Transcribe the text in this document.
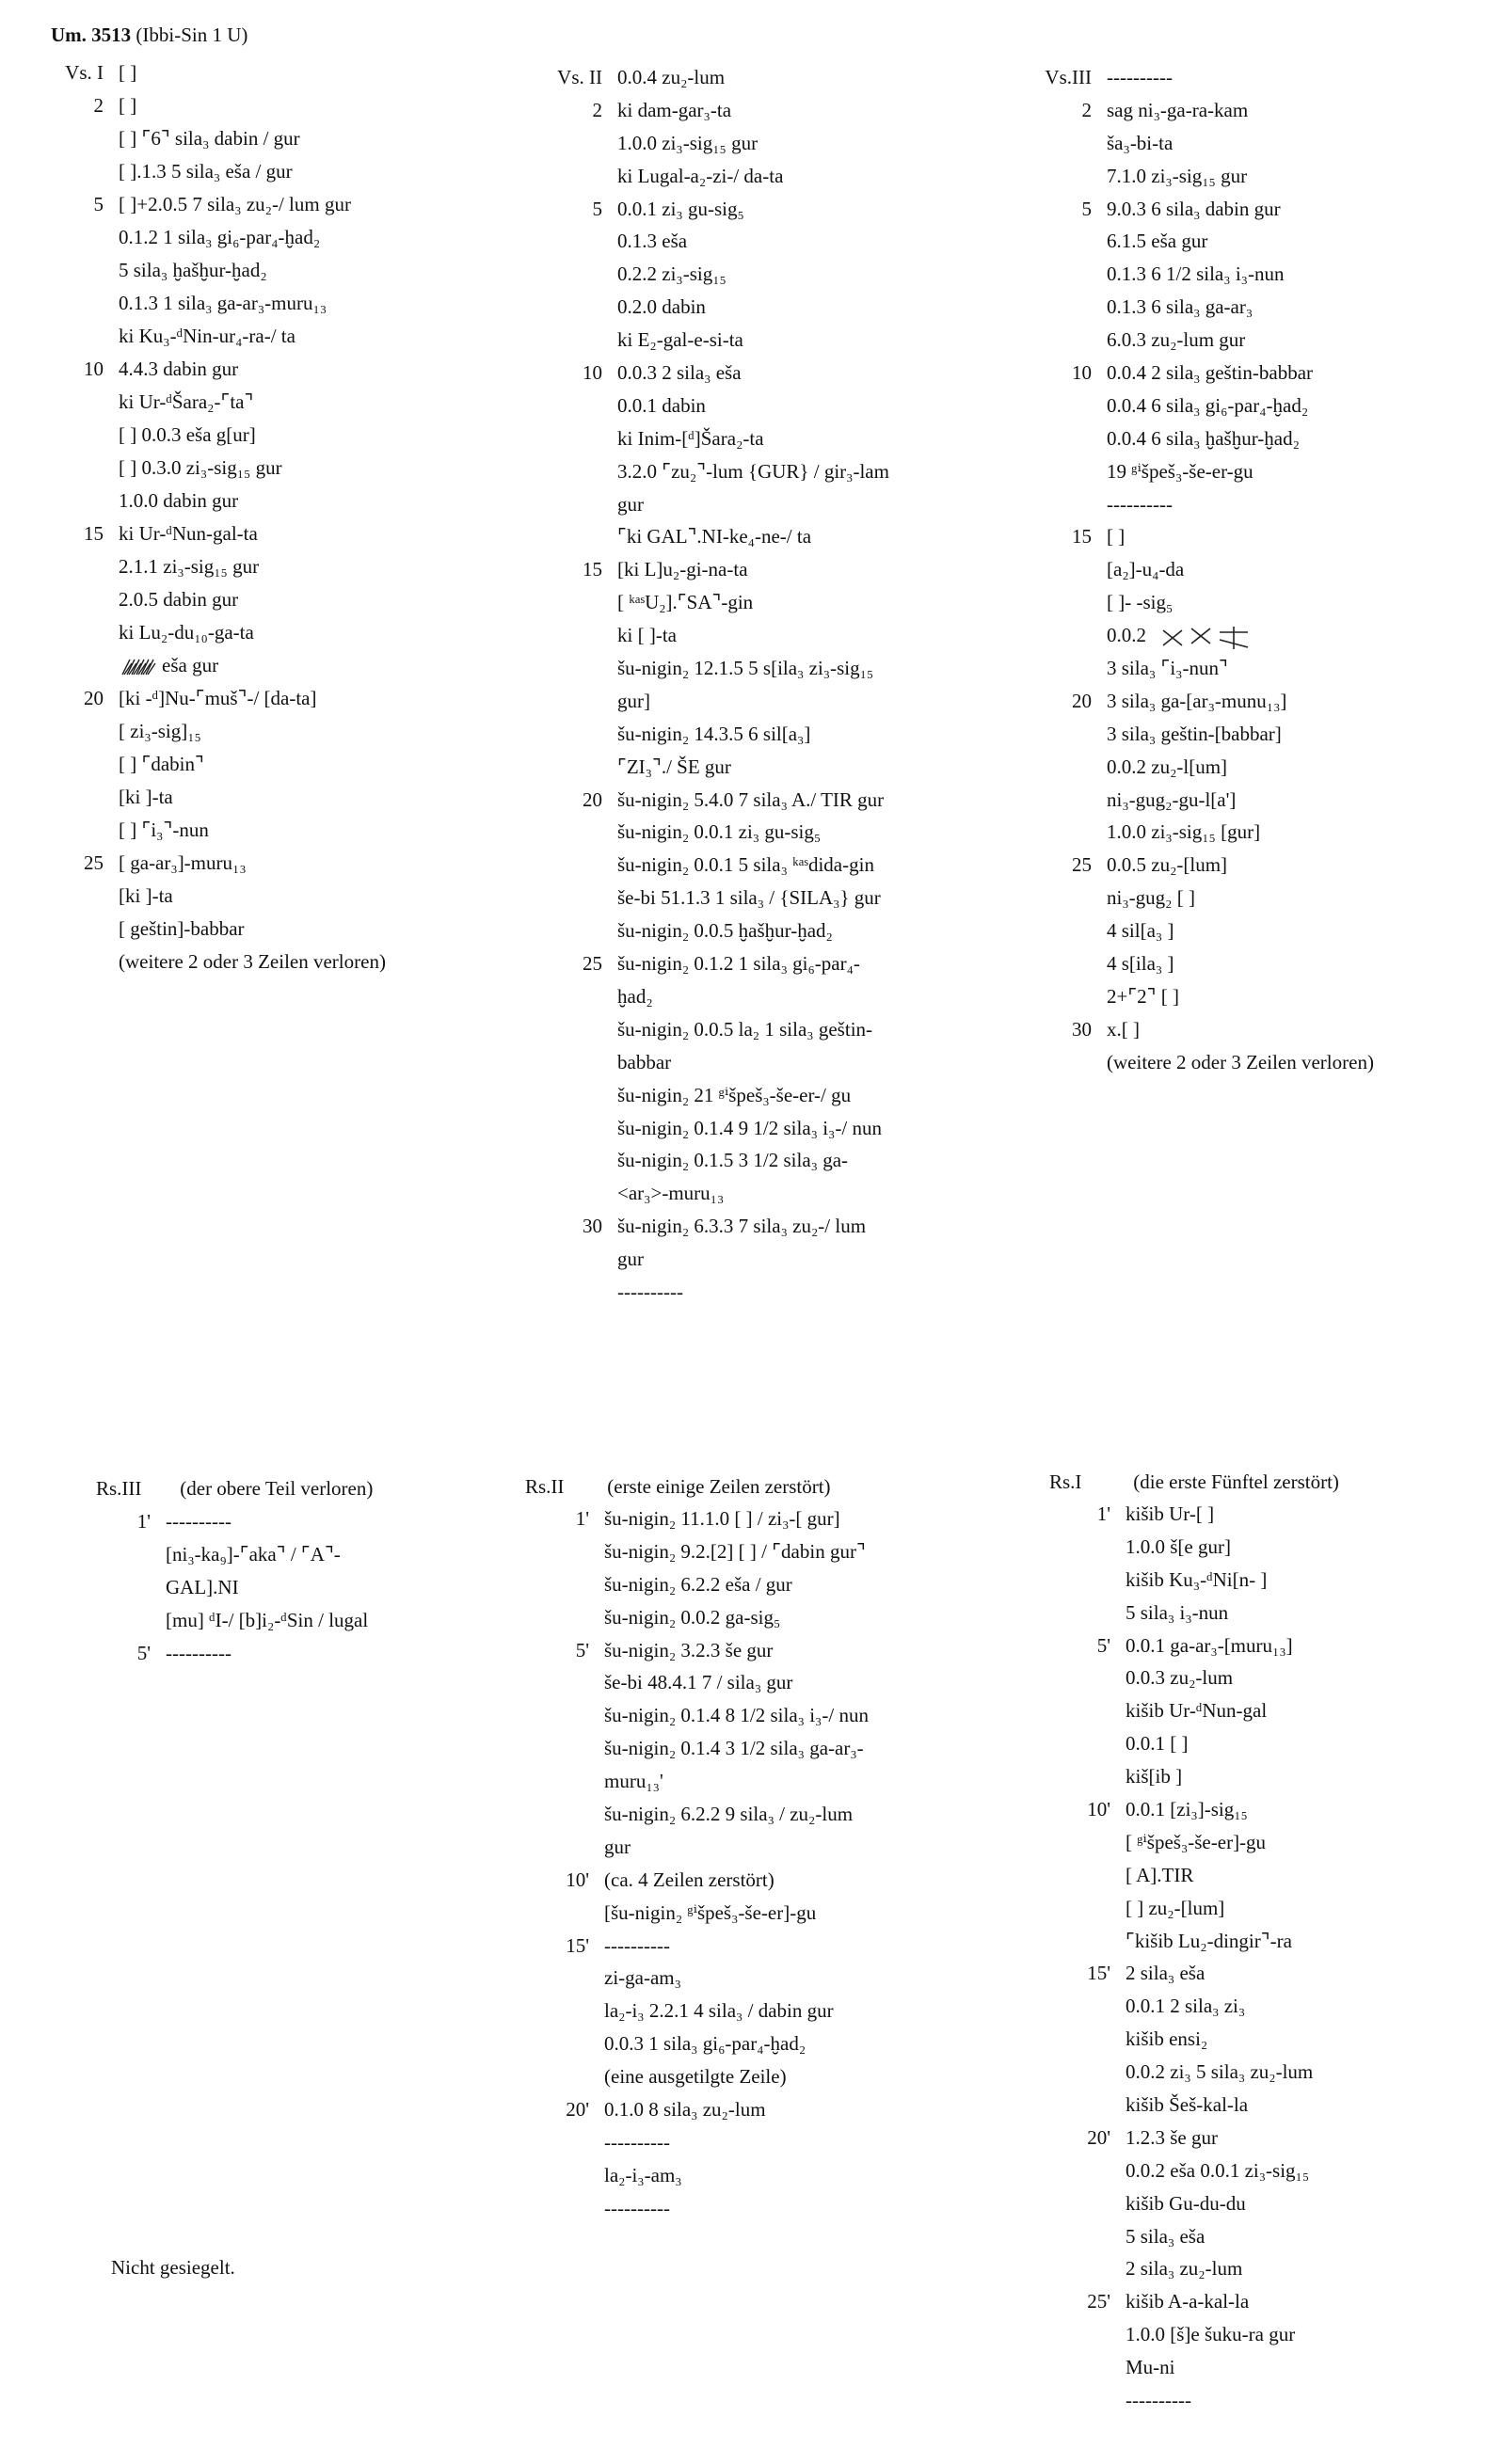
Um. 3513 (Ibbi-Sin 1 U)
Vs. I [ ]
2 [ ]
[ ] ⌜6⌝ sila₃ dabin / gur
[ ].1.3 5 sila₃ eša / gur
5 [ ]+2.0.5 7 sila₃ zu₂-/ lum gur
0.1.2 1 sila₃ gi₆-par₄-ḫad₂
5 sila₃ ḫašḫur-ḫad₂
0.1.3 1 sila₃ ga-ar₃-muru₁₃
ki Ku₃-ᵈNin-ur₄-ra-/ ta
10 4.4.3 dabin gur
ki Ur-ᵈŠara₂-⌜ta⌝
[ ] 0.0.3 eša g[ur]
[ ] 0.3.0 zi₃-sig₁₅ gur
1.0.0 dabin gur
15 ki Ur-ᵈNun-gal-ta
2.1.1 zi₃-sig₁₅ gur
2.0.5 dabin gur
ki Lu₂-du₁₀-ga-ta
eša gur
20 [ki -ᵈ]Nu-⌜muš⌝-/ [da-ta]
[ zi₃-sig]₁₅
[ ] ⌜dabin⌝
[ki ]-ta
[ ] ⌜i₃⌝-nun
25 [ ga-ar₃]-muru₁₃
[ki ]-ta
[ geštin]-babbar
(weitere 2 oder 3 Zeilen verloren)
Vs. II 0.0.4 zu₂-lum
2 ki dam-gar₃-ta
1.0.0 zi₃-sig₁₅ gur
ki Lugal-a₂-zi-/ da-ta
5 0.0.1 zi₃ gu-sig₅
0.1.3 eša
0.2.2 zi₃-sig₁₅
0.2.0 dabin
ki E₂-gal-e-si-ta
10 0.0.3 2 sila₃ eša
0.0.1 dabin
ki Inim-[ᵈ]Šara₂-ta
3.2.0 ⌜zu₂⌝-lum {GUR} / gir₃-lam
gur
⌜ki GAL⌝.NI-ke₄-ne-/ ta
15 [ki L]u₂-gi-na-ta
[ ᵏᵃˢU₂].⌜SA⌝-gin
ki [ ]-ta
šu-nigin₂ 12.1.5 5 s[ila₃ zi₃-sig₁₅
gur]
šu-nigin₂ 14.3.5 6 sil[a₃]
⌜ZI₃⌝./ ŠE gur
20 šu-nigin₂ 5.4.0 7 sila₃ A./ TIR gur
šu-nigin₂ 0.0.1 zi₃ gu-sig₅
šu-nigin₂ 0.0.1 5 sila₃ ᵏᵃˢdida-gin
še-bi 51.1.3 1 sila₃ / {SILA₃} gur
šu-nigin₂ 0.0.5 ḫašḫur-ḫad₂
25 šu-nigin₂ 0.1.2 1 sila₃ gi₆-par₄-
ḫad₂
šu-nigin₂ 0.0.5 la₂ 1 sila₃ geštin-
babbar
šu-nigin₂ 21 ᵍⁱšpeš₃-še-er-/ gu
šu-nigin₂ 0.1.4 9 1/2 sila₃ i₃-/ nun
šu-nigin₂ 0.1.5 3 1/2 sila₃ ga-
<ar₃>-muru₁₃
30 šu-nigin₂ 6.3.3 7 sila₃ zu₂-/ lum
gur
----------
Vs.III ----------
2 sag ni₃-ga-ra-kam
ša₃-bi-ta
7.1.0 zi₃-sig₁₅ gur
5 9.0.3 6 sila₃ dabin gur
6.1.5 eša gur
0.1.3 6 1/2 sila₃ i₃-nun
0.1.3 6 sila₃ ga-ar₃
6.0.3 zu₂-lum gur
10 0.0.4 2 sila₃ geštin-babbar
0.0.4 6 sila₃ gi₆-par₄-ḫad₂
0.0.4 6 sila₃ ḫašḫur-ḫad₂
19 ᵍⁱšpeš₃-še-er-gu
----------
15 [ ]
[a₂]-u₄-da
[ ]- -sig₅
0.0.2
3 sila₃ ⌜i₃-nun⌝
20 3 sila₃ ga-[ar₃-munu₁₃]
3 sila₃ geštin-[babbar]
0.0.2 zu₂-l[um]
ni₃-gug₂-gu-l[a']
1.0.0 zi₃-sig₁₅ [gur]
25 0.0.5 zu₂-[lum]
ni₃-gug₂ [ ]
4 sil[a₃ ]
4 s[ila₃ ]
2+⌜2⌝ [ ]
30 x.[ ]
(weitere 2 oder 3 Zeilen verloren)
Rs.III (der obere Teil verloren)	Rs.II (erste einige Zeilen zerstört)	Rs.I	(die erste Fünftel zerstört)
1' ----------
[ni₃-ka₉]-⌜aka⌝ / ⌜A⌝-
GAL].NI
[mu] ᵈI-/ [b]i₂-ᵈSin / lugal
5' ----------
1' šu-nigin₂ 11.1.0 [ ] / zi₃-[ gur]
šu-nigin₂ 9.2.[2] [ ] / ⌜dabin gur⌝
šu-nigin₂ 6.2.2 eša / gur
šu-nigin₂ 0.0.2 ga-sig₅
5' šu-nigin₂ 3.2.3 še gur
še-bi 48.4.1 7 / sila₃ gur
šu-nigin₂ 0.1.4 8 1/2 sila₃ i₃-/ nun
šu-nigin₂ 0.1.4 3 1/2 sila₃ ga-ar₃-
muru₁₃'
šu-nigin₂ 6.2.2 9 sila₃ / zu₂-lum
gur
10' (ca. 4 Zeilen zerstört)
[šu-nigin₂ ᵍⁱšpeš₃-še-er]-gu
15' ----------
zi-ga-am₃
la₂-i₃ 2.2.1 4 sila₃ / dabin gur
0.0.3 1 sila₃ gi₆-par₄-ḫad₂
(eine ausgetilgte Zeile)
20' 0.1.0 8 sila₃ zu₂-lum
----------
la₂-i₃-am₃
----------
1' kišib Ur-[ ]
1.0.0 š[e gur]
kišib Ku₃-ᵈNi[n- ]
5 sila₃ i₃-nun
5' 0.0.1 ga-ar₃-[muru₁₃]
0.0.3 zu₂-lum
kišib Ur-ᵈNun-gal
0.0.1 [ ]
kiš[ib ]
10' 0.0.1 [zi₃]-sig₁₅
[ ᵍⁱšpeš₃-še-er]-gu
[ A].TIR
[ ] zu₂-[lum]
⌜kišib Lu₂-dingir⌝-ra
15' 2 sila₃ eša
0.0.1 2 sila₃ zi₃
kišib ensi₂
0.0.2 zi₃ 5 sila₃ zu₂-lum
kišib Šeš-kal-la
20' 1.2.3 še gur
0.0.2 eša 0.0.1 zi₃-sig₁₅
kišib Gu-du-du
5 sila₃ eša
2 sila₃ zu₂-lum
25' kišib A-a-kal-la
1.0.0 [š]e šuku-ra gur
Mu-ni
----------
Nicht gesiegelt.
